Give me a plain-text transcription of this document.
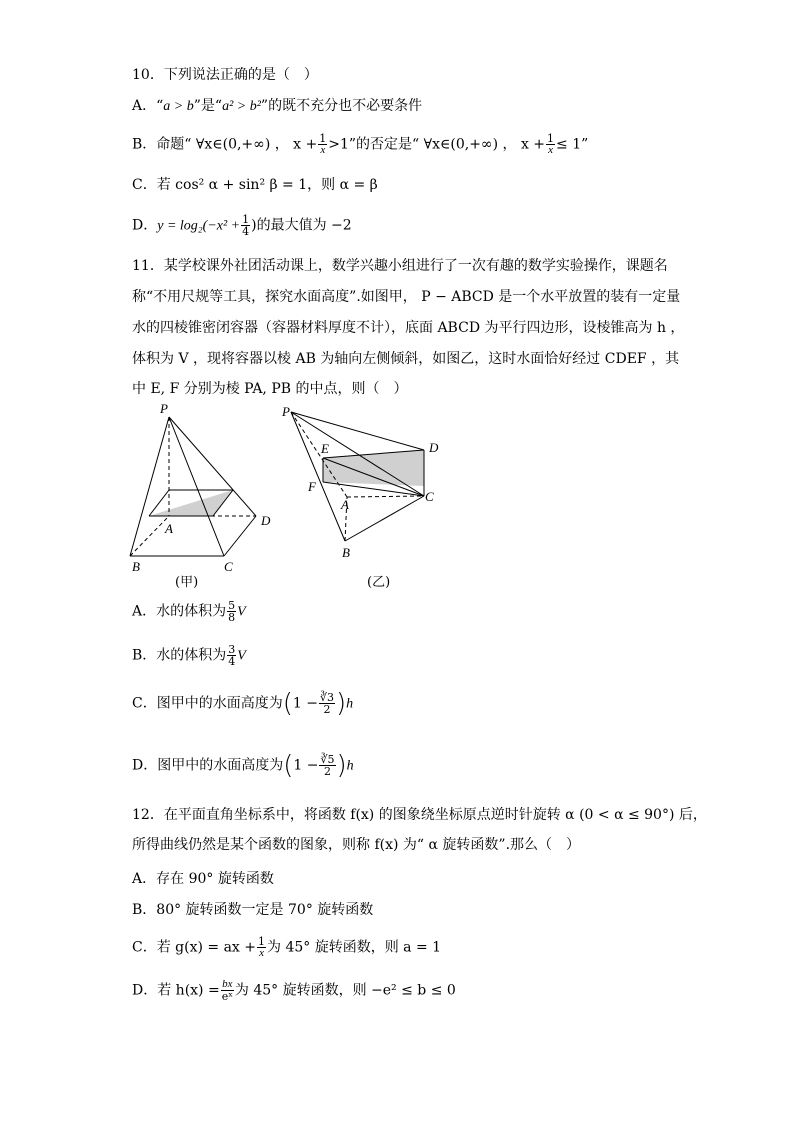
10．下列说法正确的是（　）
A．“a > b”是“a² > b²”的既不充分也不必要条件
B．命题“ ∀x∈(0,+∞) ， $x + \frac{1}{x} >1$”的否定是“ ∀x∈(0,+∞) ， $x + \frac{1}{x} \le 1$”
C．若 cos² α + sin² β = 1，则 α = β
D．$y = \log_2(-x^2 + \frac{1}{4}$ )的最大值为 −2
11．某学校课外社团活动课上，数学兴趣小组进行了一次有趣的数学实验操作，课题名
称“不用尺规等工具，探究水面高度”.如图甲， P − ABCD 是一个水平放置的装有一定量
水的四棱锥密闭容器（容器材料厚度不计），底面 ABCD 为平行四边形，设棱锥高为 h ，
体积为 V ，现将容器以棱 AB 为轴向左侧倾斜，如图乙，这时水面恰好经过 CDEF ，其
中 E, F 分别为棱 PA, PB 的中点，则（　）
P
A
B	C
D
(甲)
P
E
F
A
B
C
D
(乙)
A．水的体积为 $\frac{5}{8}$ V
B．水的体积为 $\frac{3}{4}$ V
C．图甲中的水面高度为$(1 - \frac{∛3}{2} )h$
D．图甲中的水面高度为$(1 - \frac{∛5}{2} )h$
12．在平面直角坐标系中，将函数 f(x) 的图象绕坐标原点逆时针旋转 α (0 < α ≤ 90°) 后，
所得曲线仍然是某个函数的图象，则称 f(x) 为“ α 旋转函数”.那么（　）
A．存在 90° 旋转函数
B．80° 旋转函数一定是 70° 旋转函数
C．若 g(x) = ax + $\frac{1}{x}$ 为 45° 旋转函数，则 a = 1
D．若 $h(x) = \frac{bx}{\text{eˣ}}$ 为 45° 旋转函数，则 −e² ≤ b ≤ 0
